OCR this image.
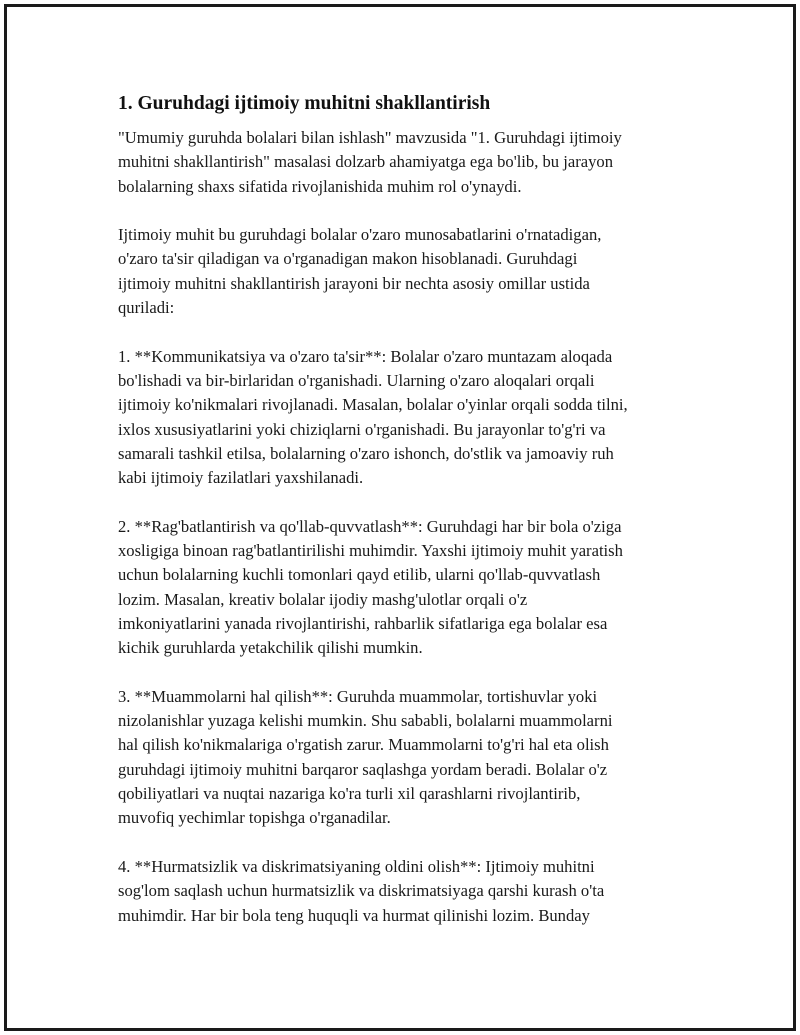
1. Guruhdagi ijtimoiy muhitni shakllantirish

"Umumiy guruhda bolalari bilan ishlash" mavzusida "1. Guruhdagi ijtimoiy
muhitni shakllantirish" masalasi dolzarb ahamiyatga ega bo'lib, bu jarayon
bolalarning shaxs sifatida rivojlanishida muhim rol o'ynaydi.

Ijtimoiy muhit bu guruhdagi bolalar o'zaro munosabatlarini o'rnatadigan,
o'zaro ta'sir qiladigan va o'rganadigan makon hisoblanadi. Guruhdagi
ijtimoiy muhitni shakllantirish jarayoni bir nechta asosiy omillar ustida
quriladi:

1. **Kommunikatsiya va o'zaro ta'sir**: Bolalar o'zaro muntazam aloqada
bo'lishadi va bir-birlaridan o'rganishadi. Ularning o'zaro aloqalari orqali
ijtimoiy ko'nikmalari rivojlanadi. Masalan, bolalar o'yinlar orqali sodda tilni,
ixlos xususiyatlarini yoki chiziqlarni o'rganishadi. Bu jarayonlar to'g'ri va
samarali tashkil etilsa, bolalarning o'zaro ishonch, do'stlik va jamoaviy ruh
kabi ijtimoiy fazilatlari yaxshilanadi.

2. **Rag'batlantirish va qo'llab-quvvatlash**: Guruhdagi har bir bola o'ziga
xosligiga binoan rag'batlantirilishi muhimdir. Yaxshi ijtimoiy muhit yaratish
uchun bolalarning kuchli tomonlari qayd etilib, ularni qo'llab-quvvatlash
lozim. Masalan, kreativ bolalar ijodiy mashg'ulotlar orqali o'z
imkoniyatlarini yanada rivojlantirishi, rahbarlik sifatlariga ega bolalar esa
kichik guruhlarda yetakchilik qilishi mumkin.

3. **Muammolarni hal qilish**: Guruhda muammolar, tortishuvlar yoki
nizolanishlar yuzaga kelishi mumkin. Shu sababli, bolalarni muammolarni
hal qilish ko'nikmalariga o'rgatish zarur. Muammolarni to'g'ri hal eta olish
guruhdagi ijtimoiy muhitni barqaror saqlashga yordam beradi. Bolalar o'z
qobiliyatlari va nuqtai nazariga ko'ra turli xil qarashlarni rivojlantirib,
muvofiq yechimlar topishga o'rganadilar.

4. **Hurmatsizlik va diskrimatsiyaning oldini olish**: Ijtimoiy muhitni
sog'lom saqlash uchun hurmatsizlik va diskrimatsiyaga qarshi kurash o'ta
muhimdir. Har bir bola teng huquqli va hurmat qilinishi lozim. Bunday
